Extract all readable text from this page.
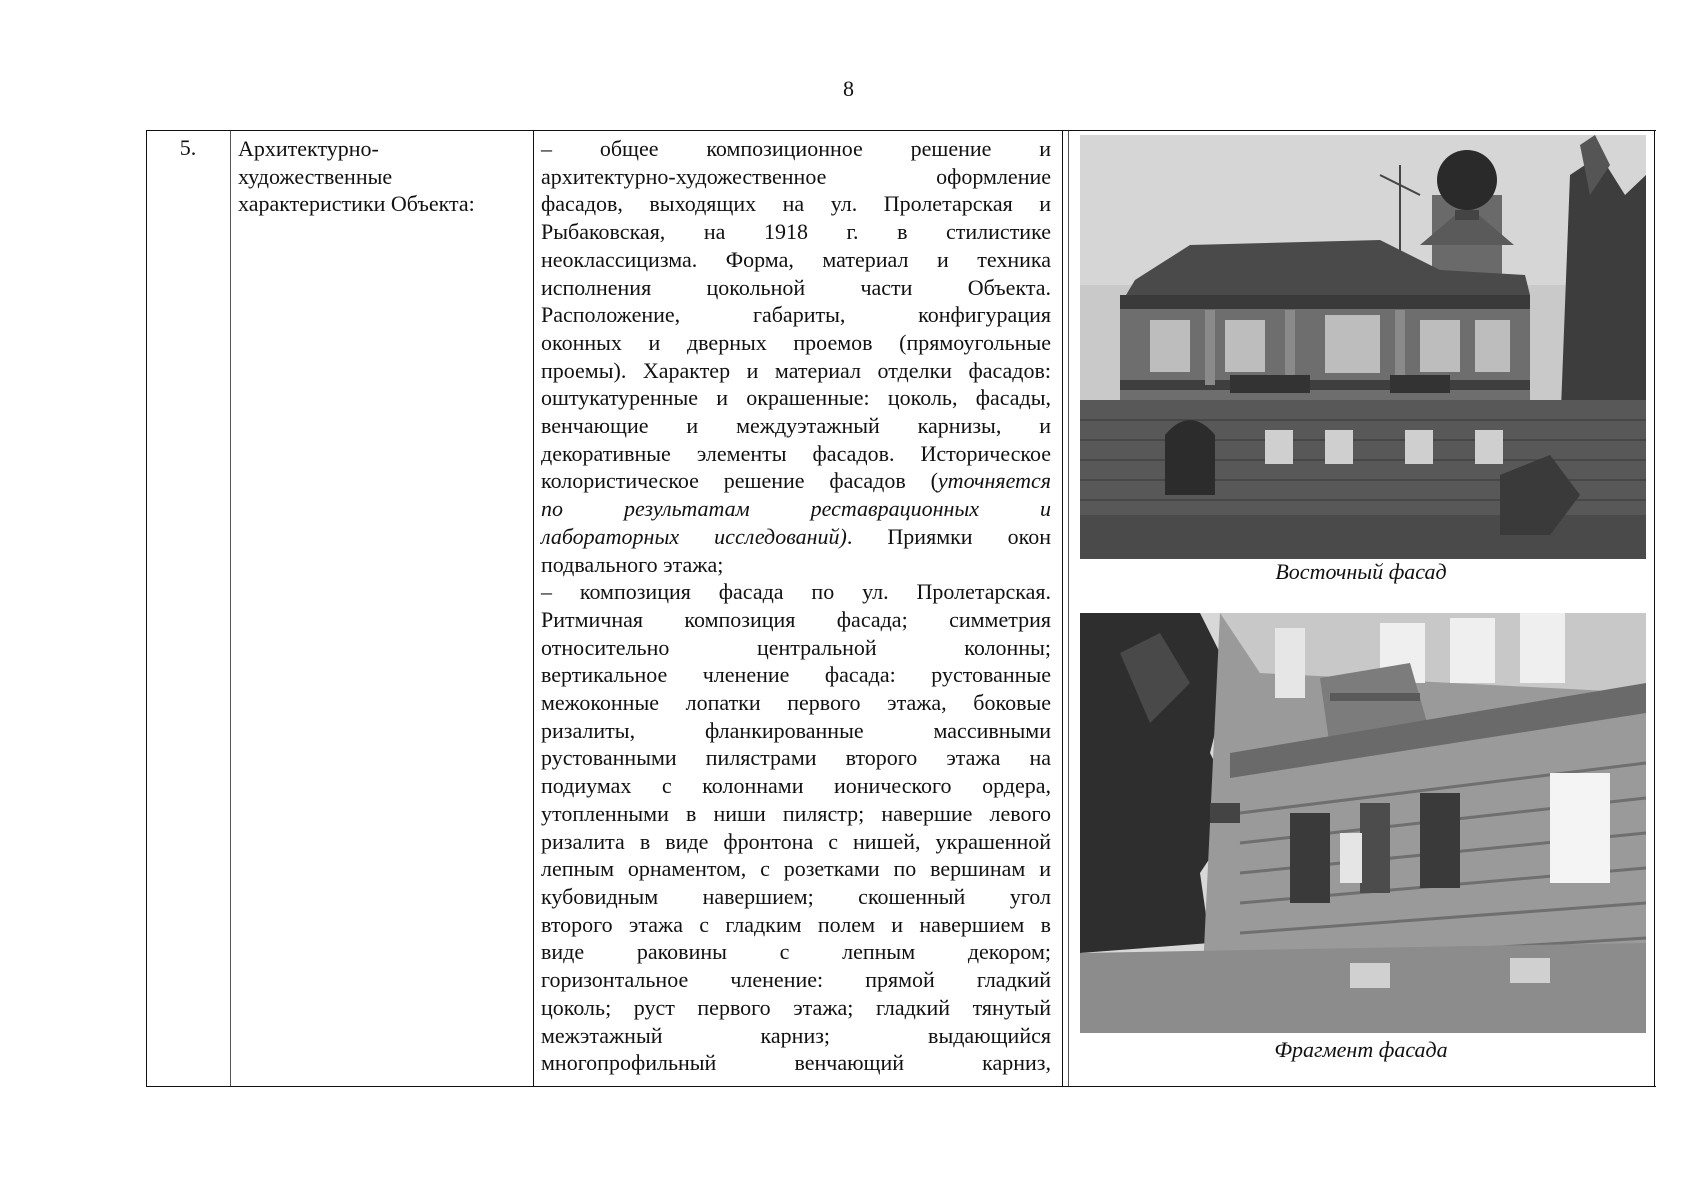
8
5.	Архитектурно-
художественные
характеристики Объекта:

– общее композиционное решение и

архитектурно-художественное оформление

фасадов, выходящих на ул. Пролетарская и

Рыбаковская, на 1918 г. в стилистике

неоклассицизма. Форма, материал и техника

исполнения цокольной части Объекта.

Расположение, габариты, конфигурация

оконных и дверных проемов (прямоугольные

проемы). Характер и материал отделки фасадов:

оштукатуренные и окрашенные: цоколь, фасады,

венчающие и междуэтажный карнизы, и

декоративные элементы фасадов. Историческое

колористическое решение фасадов (уточняется

по результатам реставрационных и

лабораторных исследований). Приямки окон

подвального этажа;

– композиция фасада по ул. Пролетарская.

Ритмичная композиция фасада; симметрия

относительно центральной колонны;

вертикальное членение фасада: рустованные

межоконные лопатки первого этажа, боковые

ризалиты, фланкированные массивными

рустованными пилястрами второго этажа на

подиумах с колоннами ионического ордера,

утопленными в ниши пилястр; навершие левого

ризалита в виде фронтона с нишей, украшенной

лепным орнаментом, с розетками по вершинам и

кубовидным навершием; скошенный угол

второго этажа с гладким полем и навершием в

виде раковины с лепным декором;

горизонтальное членение: прямой гладкий

цоколь; руст первого этажа; гладкий тянутый

межэтажный карниз; выдающийся

многопрофильный венчающий карниз,

Восточный фасад
Фрагмент фасада
